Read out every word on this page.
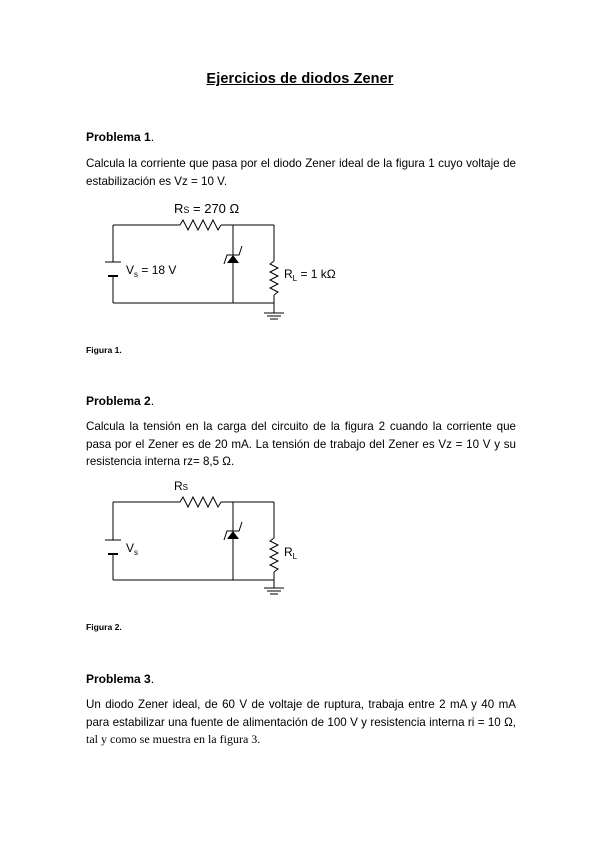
Ejercicios de diodos Zener
Problema 1.
Calcula la corriente que pasa por el diodo Zener ideal de la figura 1 cuyo voltaje de estabilización es Vz = 10 V.
RS = 270 Ω
$V_s = 18$ V	$R_L = 1$ kΩ
Figura 1.
Problema 2.
Calcula la tensión en la carga del circuito de la figura 2 cuando la corriente que pasa por el Zener es de 20 mA. La tensión de trabajo del Zener es Vz = 10 V y su resistencia interna rz= 8,5 Ω.
RS
$V_s$	$R_L$
Figura 2.
Problema 3.
Un diodo Zener ideal, de 60 V de voltaje de ruptura, trabaja entre 2 mA y 40 mA para estabilizar una fuente de alimentación de 100 V y resistencia interna ri = 10 Ω, tal y como se muestra en la figura 3.
